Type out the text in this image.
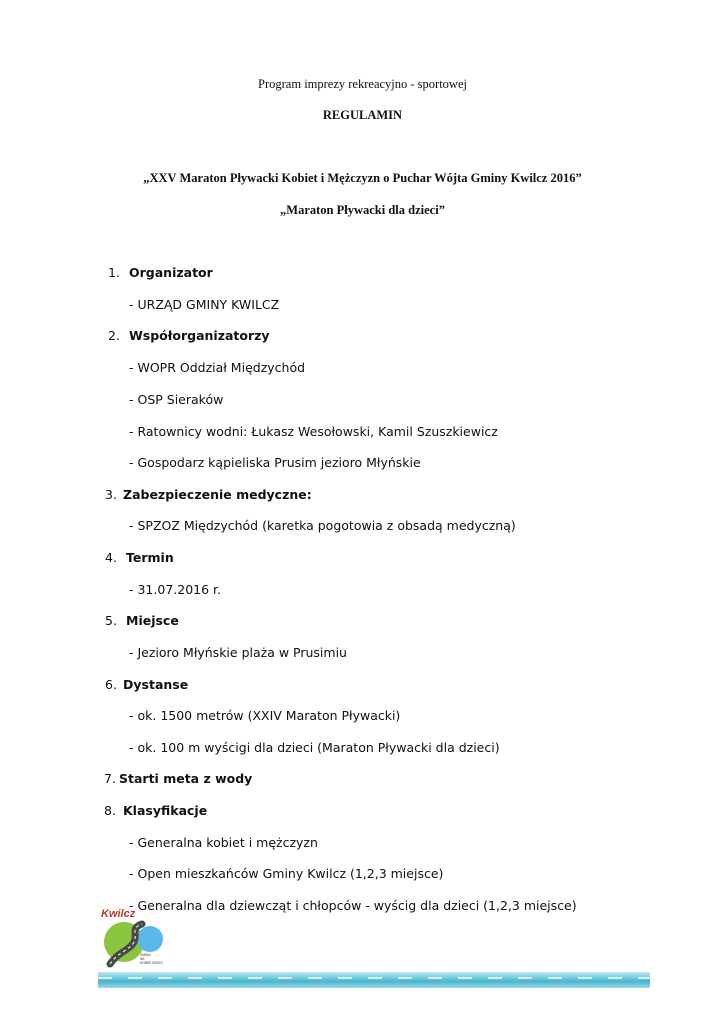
Program imprezy rekreacyjno - sportowej
REGULAMIN
„XXV Maraton Pływacki Kobiet i Mężczyzn o Puchar Wójta Gminy Kwilcz 2016”
„Maraton Pływacki dla dzieci”
1. Organizator
- URZĄD GMINY KWILCZ
2. Współorganizatorzy
- WOPR Oddział Międzychód
- OSP Sieraków
- Ratownicy wodni: Łukasz Wesołowski, Kamil Szuszkiewicz
- Gospodarz kąpieliska Prusim jezioro Młyńskie
3. Zabezpieczenie medyczne:
- SPZOZ Międzychód (karetka pogotowia z obsadą medyczną)
4. Termin
- 31.07.2016 r.
5. Miejsce
- Jezioro Młyńskie plaża w Prusimiu
6. Dystanse
- ok. 1500 metrów (XXIV Maraton Pływacki)
- ok. 100 m wyścigi dla dzieci (Maraton Pływacki dla dzieci)
7. Starti meta z wody
8. Klasyfikacje
- Generalna kobiet i mężczyzn
- Open mieszkańców Gminy Kwilcz (1,2,3 miejsce)
- Generalna dla dziewcząt i chłopców - wyścig dla dzieci (1,2,3 miejsce)
Kwilcz
GMINA
NA
DOBRE DROGI
